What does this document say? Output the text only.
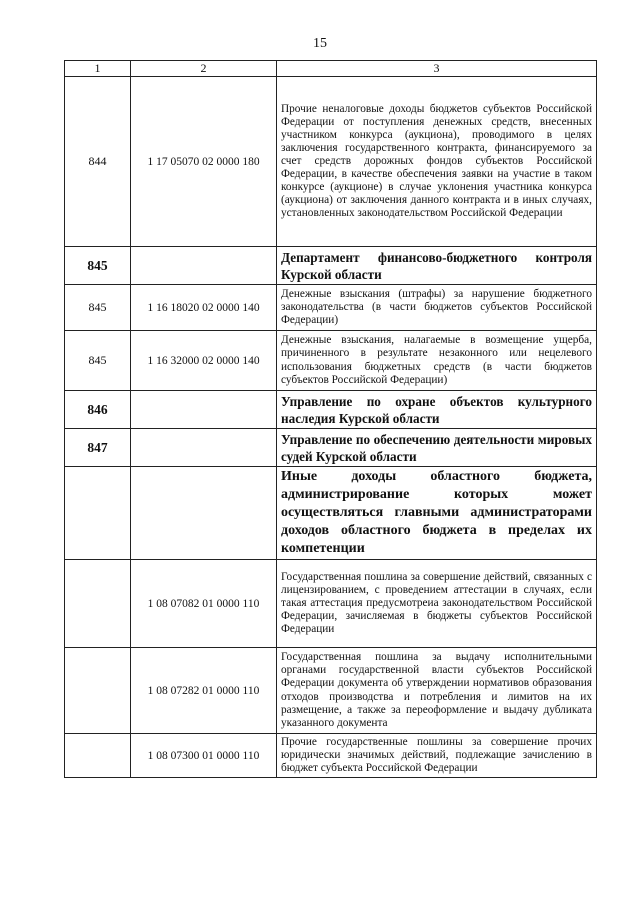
15
1	2	3
844	1 17 05070 02 0000 180	Прочие неналоговые доходы бюджетов субъектов Российской Федерации от поступления денежных средств, внесенных участником конкурса (аукциона), проводимого в целях заключения государственного контракта, финансируемого за счет средств дорожных фондов субъектов Российской Федерации, в качестве обеспечения заявки на участие в таком конкурсе (аукционе) в случае уклонения участника конкурса (аукциона) от заключения данного контракта и в иных случаях, установленных законодательством Российской Федерации
845		Департамент финансово-бюджетного контроля Курской области
845	1 16 18020 02 0000 140	Денежные взыскания (штрафы) за нарушение бюджетного законодательства (в части бюджетов субъектов Российской Федерации)
845	1 16 32000 02 0000 140	Денежные взыскания, налагаемые в возмещение ущерба, причиненного в результате незаконного или нецелевого использования бюджетных средств (в части бюджетов субъектов Российской Федерации)
846		Управление по охране объектов культурного наследия Курской области
847		Управление по обеспечению деятельности мировых судей Курской области
		Иные доходы областного бюджета, администрирование которых может осуществляться главными администраторами доходов областного бюджета в пределах их компетенции
	1 08 07082 01 0000 110	Государственная пошлина за совершение действий, связанных с лицензированием, с проведением аттестации в случаях, если такая аттестация предусмотреиа законодательством Российской Федерации, зачисляемая в бюджеты субъектов Российской Федерации
	1 08 07282 01 0000 110	Государственная пошлина за выдачу исполнительными органами государственной власти субъектов Российской Федерации документа об утверждении нормативов образования отходов производства и потребления и лимитов на их размещение, а также за переоформление и выдачу дубликата указанного документа
	1 08 07300 01 0000 110	Прочие государственные пошлины за совершение прочих юридически значимых действий, подлежащие зачислению в бюджет субъекта Российской Федерации
